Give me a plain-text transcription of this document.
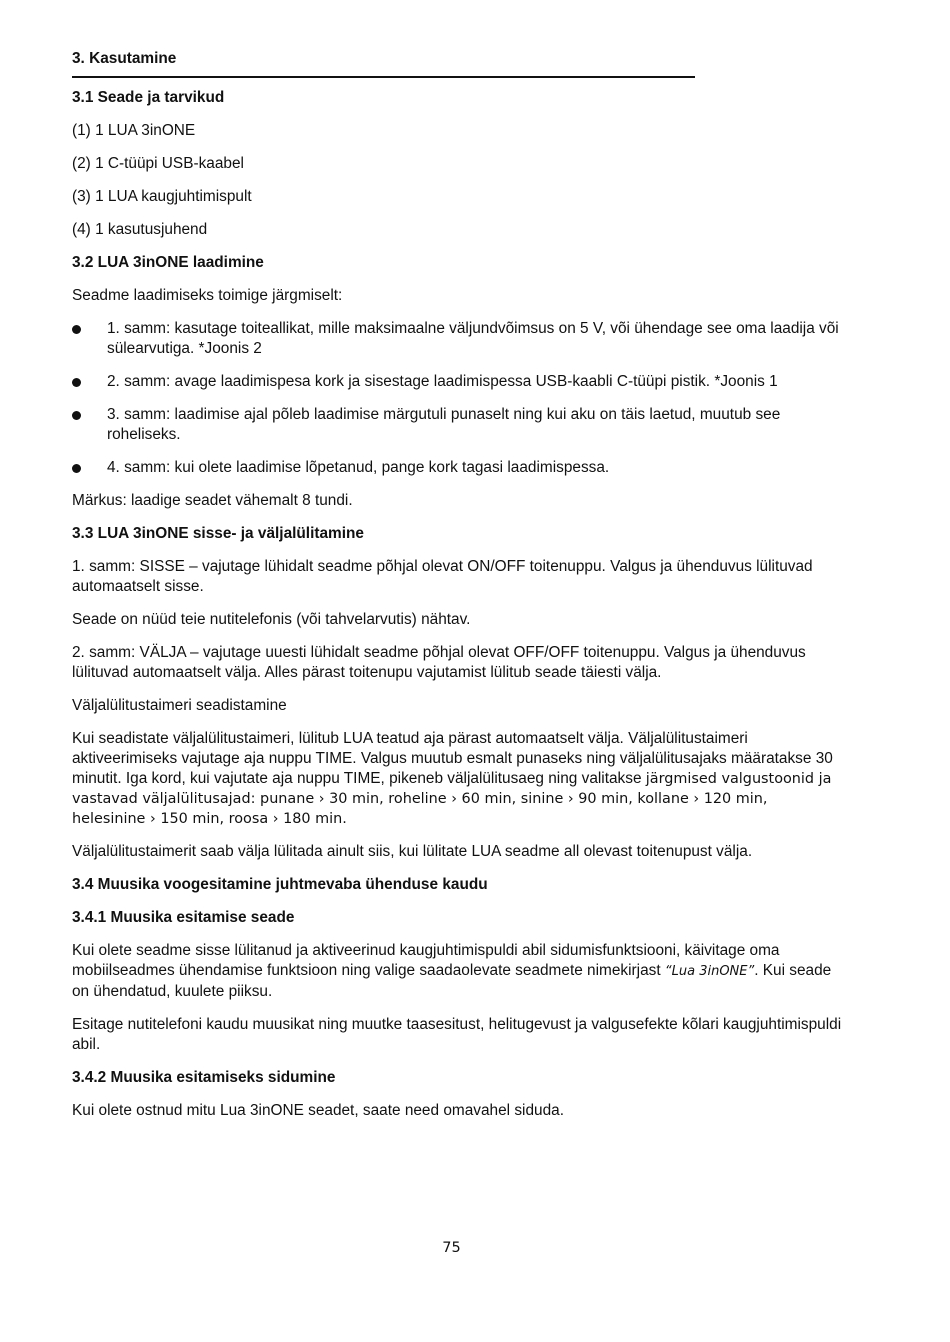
3. Kasutamine

3.1 Seade ja tarvikud

(1) 1 LUA 3inONE

(2) 1 C-tüüpi USB-kaabel

(3) 1 LUA kaugjuhtimispult

(4) 1 kasutusjuhend

3.2 LUA 3inONE laadimine

Seadme laadimiseks toimige järgmiselt:

1. samm: kasutage toiteallikat, mille maksimaalne väljundvõimsus on 5 V, või ühendage see oma laadija või sülearvutiga. *Joonis 2
2. samm: avage laadimispesa kork ja sisestage laadimispessa USB-kaabli C-tüüpi pistik. *Joonis 1
3. samm: laadimise ajal põleb laadimise märgutuli punaselt ning kui aku on täis laetud, muutub see roheliseks.
4. samm: kui olete laadimise lõpetanud, pange kork tagasi laadimispessa.

Märkus: laadige seadet vähemalt 8 tundi.

3.3 LUA 3inONE sisse- ja väljalülitamine

1. samm: SISSE – vajutage lühidalt seadme põhjal olevat ON/OFF toitenuppu. Valgus ja ühenduvus lülituvad automaatselt sisse.

Seade on nüüd teie nutitelefonis (või tahvelarvutis) nähtav.

2. samm: VÄLJA – vajutage uuesti lühidalt seadme põhjal olevat OFF/OFF toitenuppu. Valgus ja ühenduvus lülituvad automaatselt välja. Alles pärast toitenupu vajutamist lülitub seade täiesti välja.

Väljalülitustaimeri seadistamine

Kui seadistate väljalülitustaimeri, lülitub LUA teatud aja pärast automaatselt välja. Väljalülitustaimeri aktiveerimiseks vajutage aja nuppu TIME. Valgus muutub esmalt punaseks ning väljalülitusajaks määratakse 30 minutit. Iga kord, kui vajutate aja nuppu TIME, pikeneb väljalülitusaeg ning valitakse järgmised valgustoonid ja vastavad väljalülitusajad: punane › 30 min, roheline › 60 min, sinine › 90 min, kollane › 120 min, helesinine › 150 min, roosa › 180 min.

Väljalülitustaimerit saab välja lülitada ainult siis, kui lülitate LUA seadme all olevast toitenupust välja.

3.4 Muusika voogesitamine juhtmevaba ühenduse kaudu

3.4.1 Muusika esitamise seade

Kui olete seadme sisse lülitanud ja aktiveerinud kaugjuhtimispuldi abil sidumisfunktsiooni, käivitage oma mobiilseadmes ühendamise funktsioon ning valige saadaolevate seadmete nimekirjast “Lua 3inONE”. Kui seade on ühendatud, kuulete piiksu.

Esitage nutitelefoni kaudu muusikat ning muutke taasesitust, helitugevust ja valgusefekte kõlari kaugjuhtimispuldi abil.

3.4.2 Muusika esitamiseks sidumine

Kui olete ostnud mitu Lua 3inONE seadet, saate need omavahel siduda.

75
